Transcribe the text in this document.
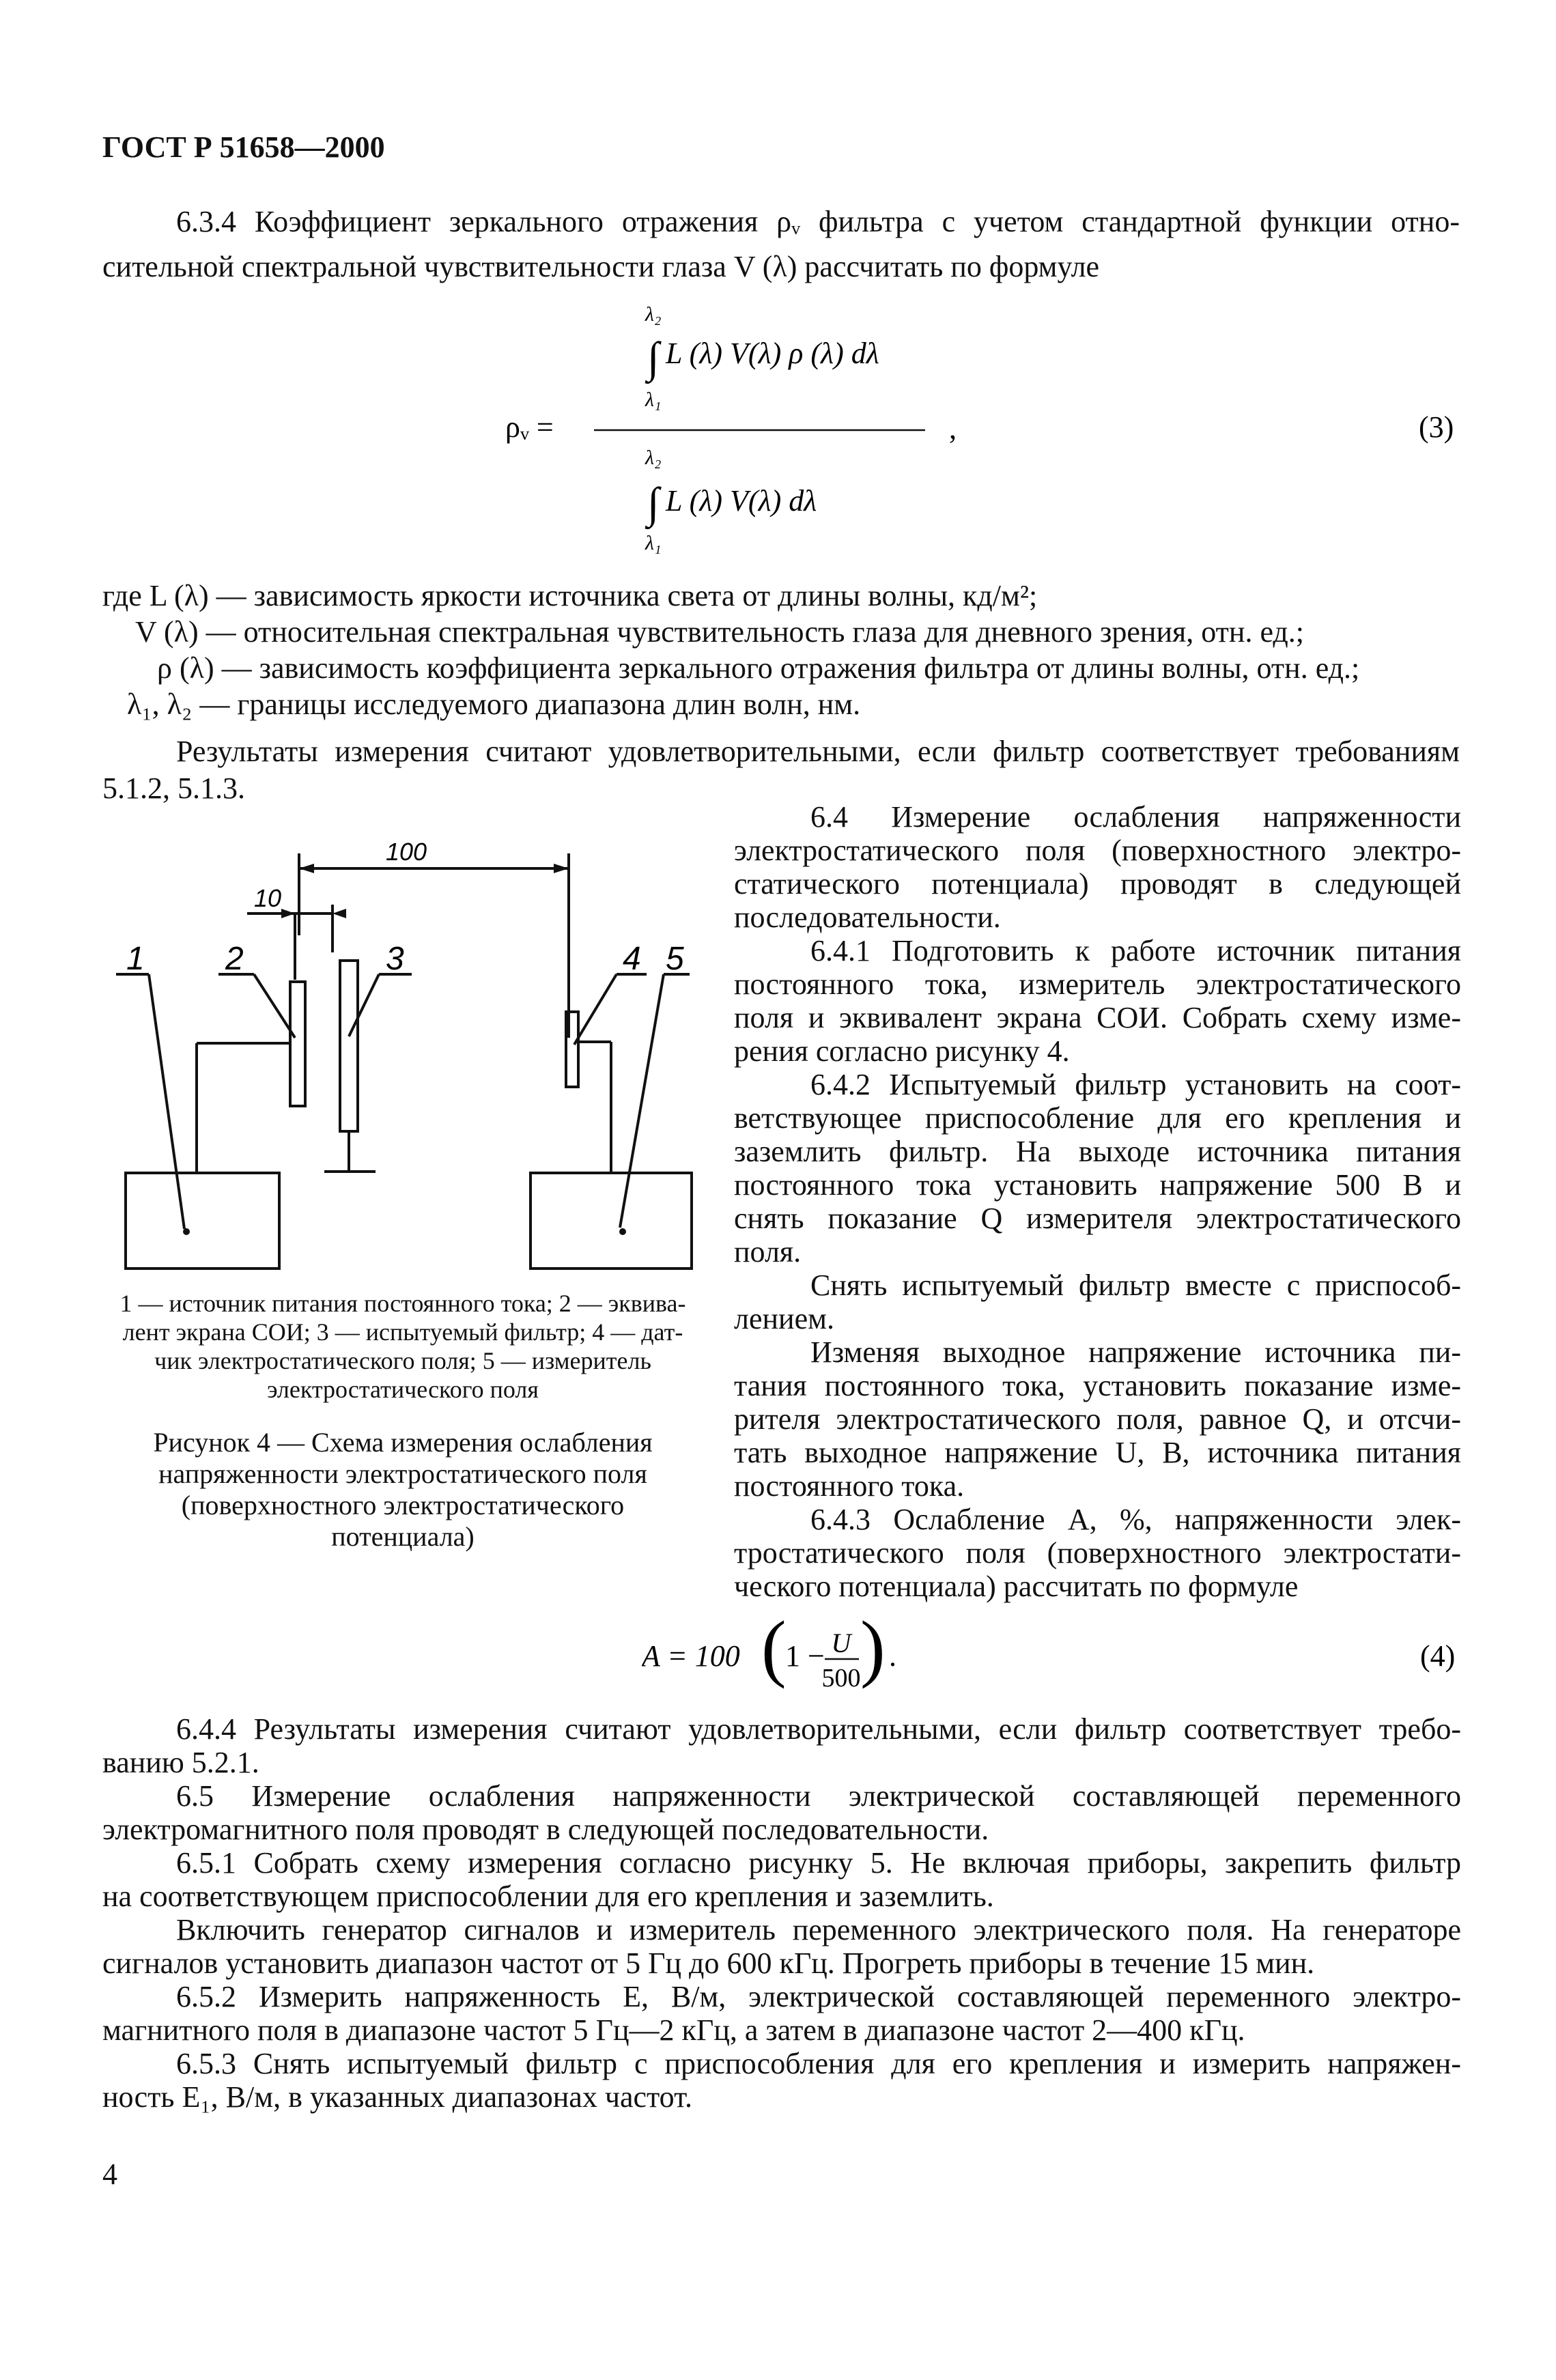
ГОСТ Р 51658—2000
6.3.4 Коэффициент зеркального отражения ρᵥ фильтра с учетом стандартной функции отно-
сительной спектральной чувствительности глаза V (λ) рассчитать по формуле
ρᵥ =
λ₂
λ₁
∫ L (λ) V(λ) ρ (λ) dλ
λ₂
λ₁
∫ L (λ) V(λ) dλ
,	(3)
где L (λ) — зависимость яркости источника света от длины волны, кд/м²;
V (λ) — относительная спектральная чувствительность глаза для дневного зрения, отн. ед.;
ρ (λ) — зависимость коэффициента зеркального отражения фильтра от длины волны, отн. ед.;
λ₁, λ₂ — границы исследуемого диапазона длин волн, нм.
Результаты измерения считают удовлетворительными, если фильтр соответствует требованиям
5.1.2, 5.1.3.
100
10
1 2	3	4 5
1 — источник питания постоянного тока; 2 — эквива-
лент экрана СОИ; 3 — испытуемый фильтр; 4 — дат-
чик электростатического поля; 5 — измеритель
электростатического поля
Рисунок 4 — Схема измерения ослабления
напряженности электростатического поля
(поверхностного электростатического
потенциала)
6.4 Измерение ослабления напряженности
электростатического поля (поверхностного электро-
статического потенциала) проводят в следующей
последовательности.
6.4.1 Подготовить к работе источник питания
постоянного тока, измеритель электростатического
поля и эквивалент экрана СОИ. Собрать схему изме-
рения согласно рисунку 4.
6.4.2 Испытуемый фильтр установить на соот-
ветствующее приспособление для его крепления и
заземлить фильтр. На выходе источника питания
постоянного тока установить напряжение 500 В и
снять показание Q измерителя электростатического
поля.
Снять испытуемый фильтр вместе с приспособ-
лением.
Изменяя выходное напряжение источника пи-
тания постоянного тока, установить показание изме-
рителя электростатического поля, равное Q, и отсчи-
тать выходное напряжение U, В, источника питания
постоянного тока.
6.4.3 Ослабление A, %, напряженности элек-
тростатического поля (поверхностного электростати-
ческого потенциала) рассчитать по формуле
A = 100 (
1 − U
500 ) .	(4)
6.4.4 Результаты измерения считают удовлетворительными, если фильтр соответствует требо-
ванию 5.2.1.
6.5 Измерение ослабления напряженности электрической составляющей переменного
электромагнитного поля проводят в следующей последовательности.
6.5.1 Собрать схему измерения согласно рисунку 5. Не включая приборы, закрепить фильтр
на соответствующем приспособлении для его крепления и заземлить.
Включить генератор сигналов и измеритель переменного электрического поля. На генераторе
сигналов установить диапазон частот от 5 Гц до 600 кГц. Прогреть приборы в течение 15 мин.
6.5.2 Измерить напряженность E, В/м, электрической составляющей переменного электро-
магнитного поля в диапазоне частот 5 Гц—2 кГц, а затем в диапазоне частот 2—400 кГц.
6.5.3 Снять испытуемый фильтр с приспособления для его крепления и измерить напряжен-
ность E₁, В/м, в указанных диапазонах частот.
4
